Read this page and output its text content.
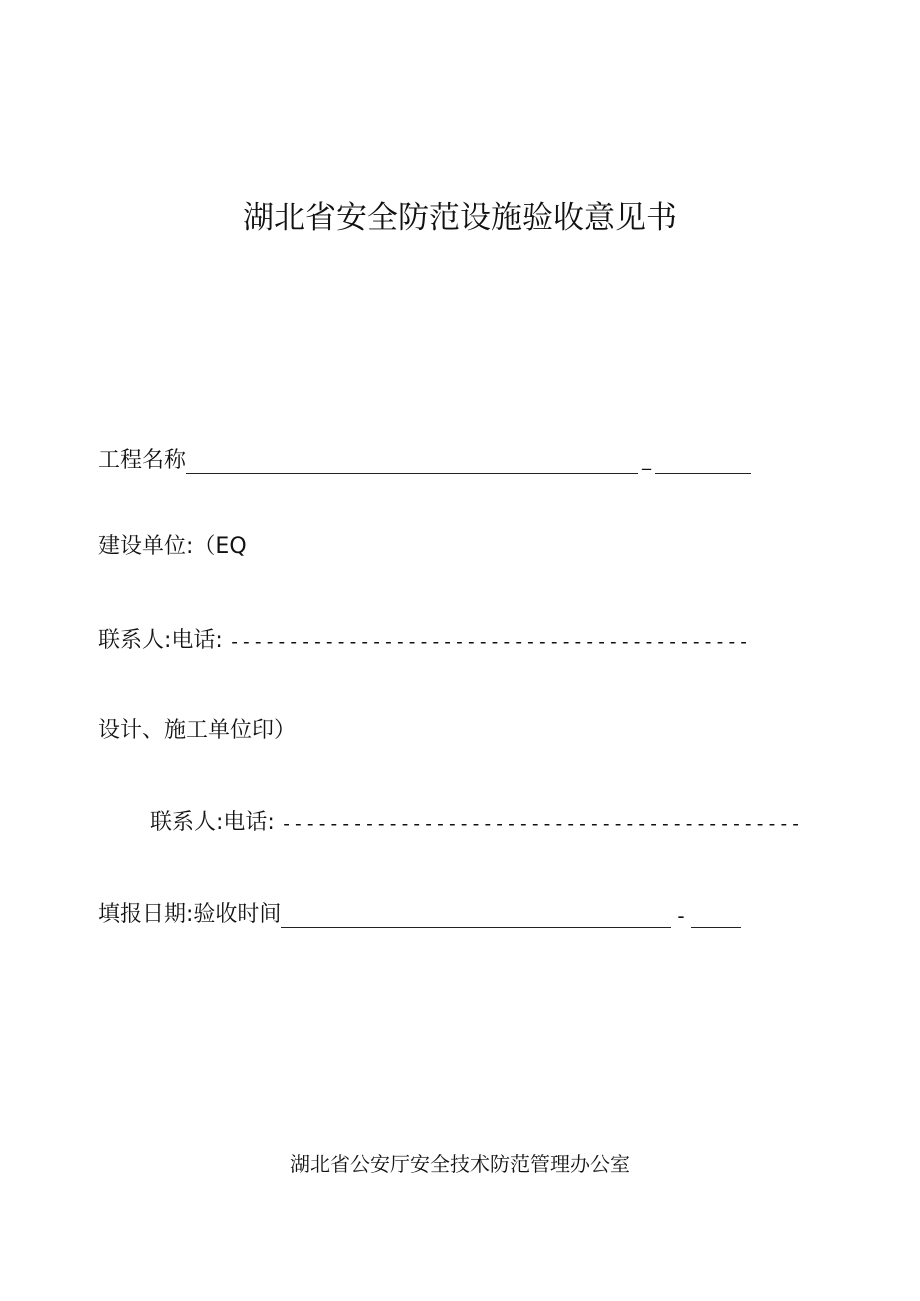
湖北省安全防范设施验收意见书
工程名称	_
建设单位:（EQ
联系人:电话: --------------------------------------------
设计、施工单位印）
联系人:电话: --------------------------------------------
填报日期:验收时间	-
湖北省公安厅安全技术防范管理办公室
